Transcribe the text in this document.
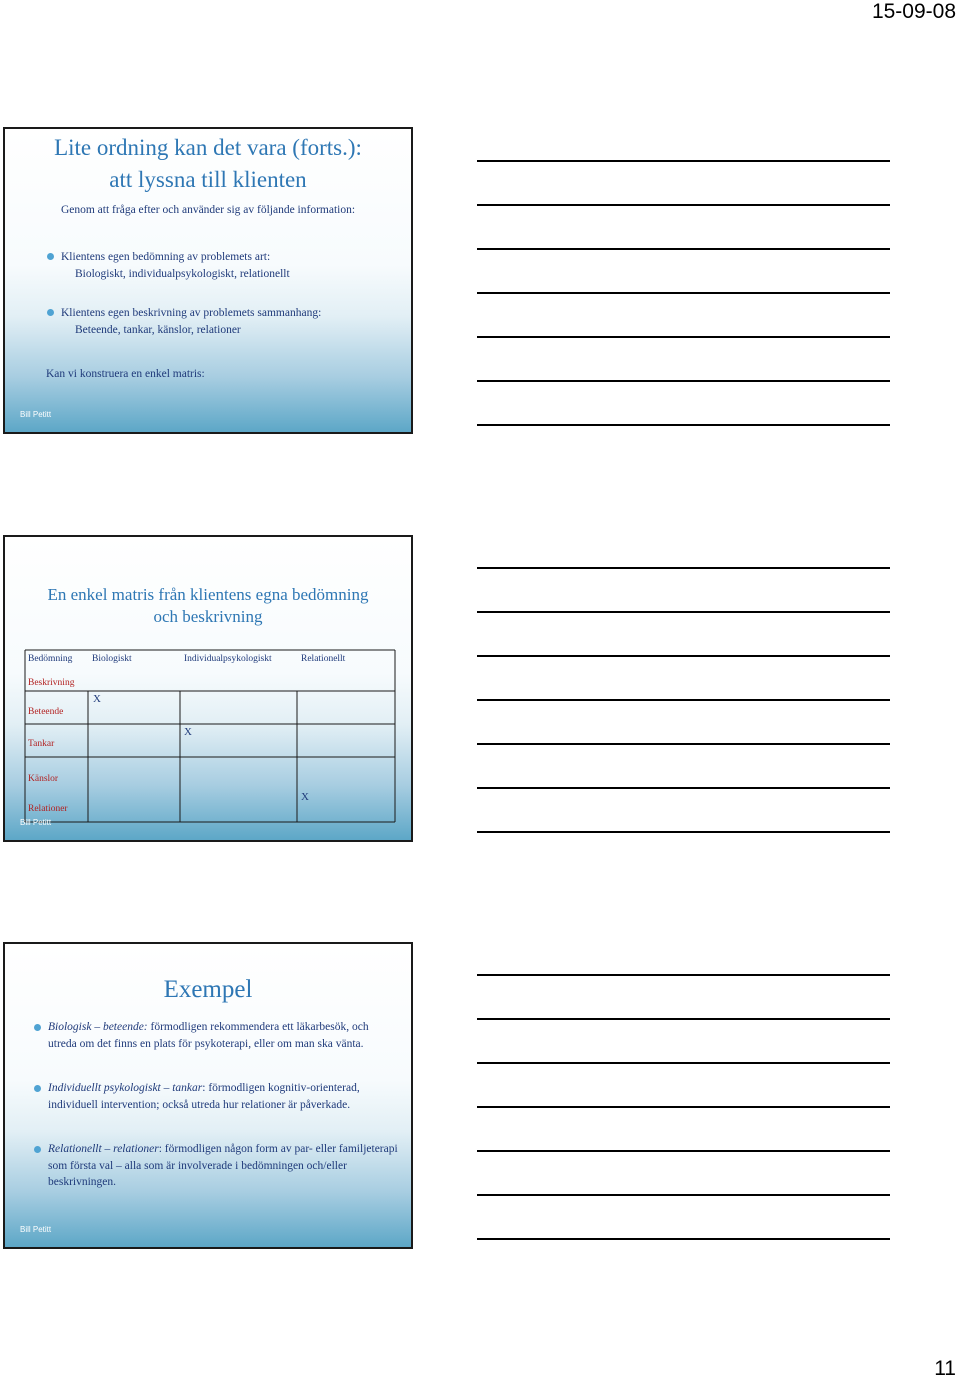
15-09-08
Lite ordning kan det vara (forts.):
att lyssna till klienten
Genom att fråga efter och använder sig av följande information:
Klientens egen bedömning av problemets art:
Biologiskt, individualpsykologiskt, relationellt
Klientens egen beskrivning av problemets sammanhang:
Beteende, tankar, känslor, relationer
Kan vi konstruera en enkel matris:
Bill Petitt
En enkel matris från klientens egna bedömning
och beskrivning
Bedömning Biologiskt	Individualpsykologiskt	Relationellt
Beskrivning
Beteende
Tankar
Känslor
Relationer
X
X
X
Bill Petitt
Exempel
Biologisk – beteende: förmodligen rekommendera ett läkarbesök, och utreda om det finns en plats för psykoterapi, eller om man ska vänta.
Individuellt psykologiskt – tankar: förmodligen kognitiv-orienterad, individuell intervention; också utreda hur relationer är påverkade.
Relationellt – relationer: förmodligen någon form av par- eller familjeterapi som första val – alla som är involverade i bedömningen och/eller beskrivningen.
Bill Petitt
11
